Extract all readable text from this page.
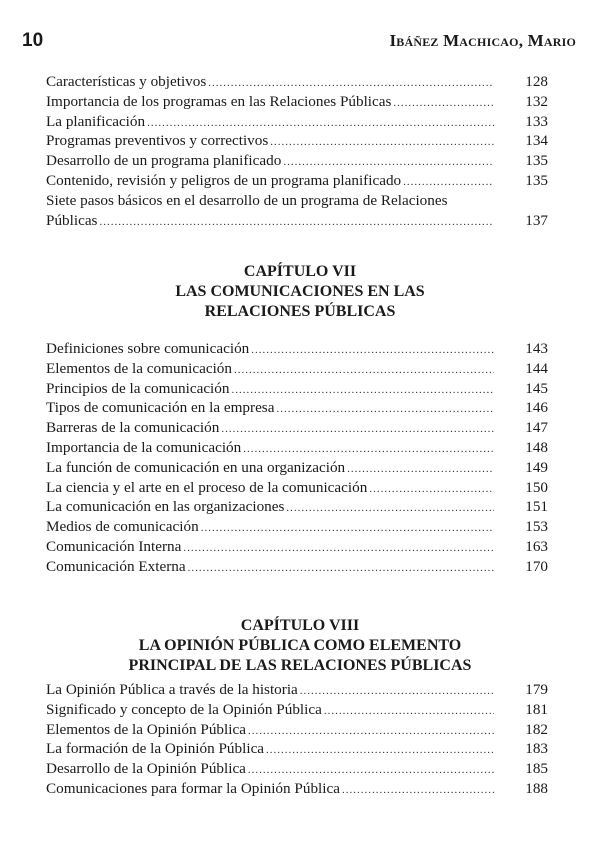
10	Ibáñez Machicao, Mario
Características y objetivos .....	128
Importancia de los programas en las Relaciones Públicas .....	132
La planificación .....	133
Programas preventivos y correctivos .....	134
Desarrollo de un programa planificado .....	135
Contenido, revisión y peligros de un programa planificado .....	135
Siete pasos básicos en el desarrollo de un programa de Relaciones
Públicas .....	137
CAPÍTULO VII
LAS COMUNICACIONES EN LAS
RELACIONES PÚBLICAS
Definiciones sobre comunicación .....	143
Elementos de la comunicación .....	144
Principios de la comunicación .....	145
Tipos de comunicación en la empresa .....	146
Barreras de la comunicación .....	147
Importancia de la comunicación .....	148
La función de comunicación en una organización .....	149
La ciencia y el arte en el proceso de la comunicación .....	150
La comunicación en las organizaciones .....	151
Medios de comunicación .....	153
Comunicación Interna .....	163
Comunicación Externa .....	170
CAPÍTULO VIII
LA OPINIÓN PÚBLICA COMO ELEMENTO
PRINCIPAL DE LAS RELACIONES PÚBLICAS
La Opinión Pública a través de la historia .....	179
Significado y concepto de la Opinión Pública .....	181
Elementos de la Opinión Pública .....	182
La formación de la Opinión Pública .....	183
Desarrollo de la Opinión Pública .....	185
Comunicaciones para formar la Opinión Pública .....	188
